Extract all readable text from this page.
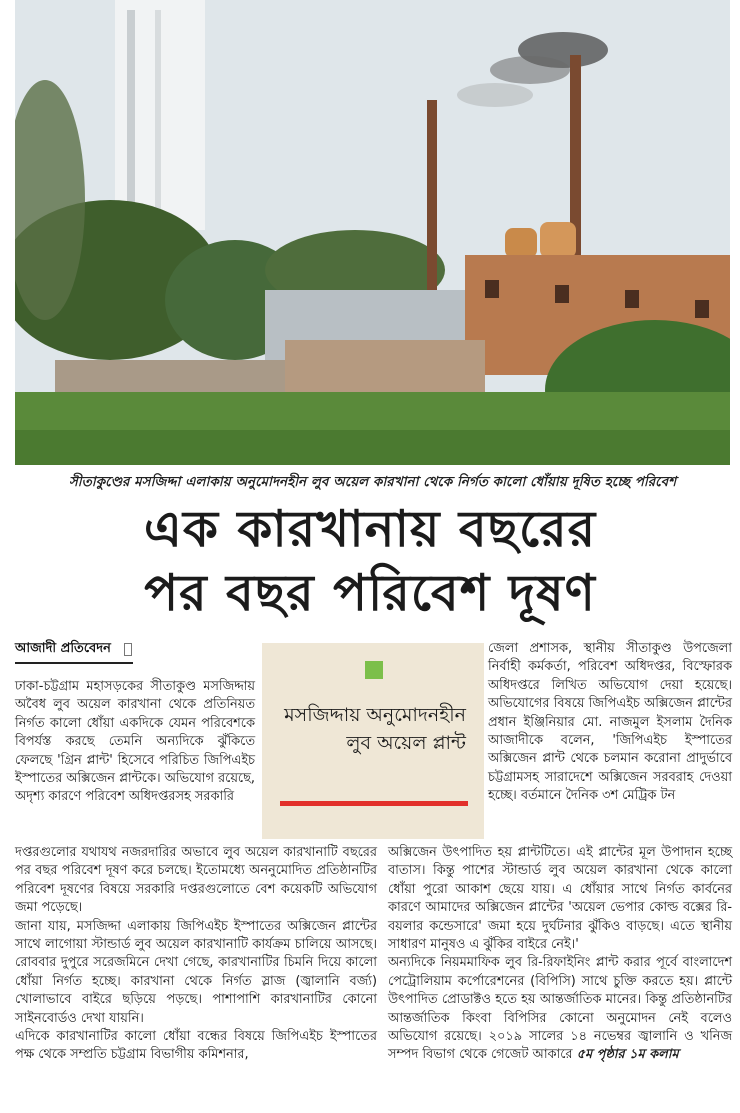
সীতাকুণ্ডের মসজিদ্দা এলাকায় অনুমোদনহীন লুব অয়েল কারখানা থেকে নির্গত কালো ধোঁয়ায় দূষিত হচ্ছে পরিবেশ
এক কারখানায় বছরের
পর বছর পরিবেশ দূষণ
আজাদী প্রতিবেদন

ঢাকা-চট্টগ্রাম মহাসড়কের সীতাকুণ্ড মসজিদ্দায় অবৈধ লুব অয়েল কারখানা থেকে প্রতিনিয়ত নির্গত কালো ধোঁয়া একদিকে যেমন পরিবেশকে বিপর্যস্ত করছে তেমনি অন্যদিকে ঝুঁকিতে ফেলছে 'গ্রিন প্লান্ট' হিসেবে পরিচিত জিপিএইচ ইস্পাতের অক্সিজেন প্লান্টকে। অভিযোগ রয়েছে, অদৃশ্য কারণে পরিবেশ অধিদপ্তরসহ সরকারি

মসজিদ্দায় অনুমোদনহীন লুব অয়েল প্লান্ট

জেলা প্রশাসক, স্থানীয় সীতাকুণ্ড উপজেলা নির্বাহী কর্মকর্তা, পরিবেশ অধিদপ্তর, বিস্ফোরক অধিদপ্তরে লিখিত অভিযোগ দেয়া হয়েছে। অভিযোগের বিষয়ে জিপিএইচ অক্সিজেন প্লান্টের প্রধান ইঞ্জিনিয়ার মো. নাজমুল ইসলাম দৈনিক আজাদীকে বলেন, 'জিপিএইচ ইস্পাতের অক্সিজেন প্লান্ট থেকে চলমান করোনা প্রাদুর্ভাবে চট্টগ্রামসহ সারাদেশে অক্সিজেন সরবরাহ দেওয়া হচ্ছে। বর্তমানে দৈনিক ৩শ মেট্রিক টন

দপ্তরগুলোর যথাযথ নজরদারির অভাবে লুব অয়েল কারখানাটি বছরের পর বছর পরিবেশ দূষণ করে চলছে। ইতোমধ্যে অননুমোদিত প্রতিষ্ঠানটির পরিবেশ দূষণের বিষয়ে সরকারি দপ্তরগুলোতে বেশ কয়েকটি অভিযোগ জমা পড়েছে।

জানা যায়, মসজিদ্দা এলাকায় জিপিএইচ ইস্পাতের অক্সিজেন প্লান্টের সাথে লাগোয়া স্টান্ডার্ড লুব অয়েল কারখানাটি কার্যক্রম চালিয়ে আসছে। রোববার দুপুরে সরেজমিনে দেখা গেছে, কারখানাটির চিমনি দিয়ে কালো ধোঁয়া নির্গত হচ্ছে। কারখানা থেকে নির্গত স্লাজ (জ্বালানি বর্জ্য) খোলাভাবে বাইরে ছড়িয়ে পড়ছে। পাশাপাশি কারখানাটির কোনো সাইনবোর্ডও দেখা যায়নি।

এদিকে কারখানাটির কালো ধোঁয়া বন্ধের বিষয়ে জিপিএইচ ইস্পাতের পক্ষ থেকে সম্প্রতি চট্টগ্রাম বিভাগীয় কমিশনার,

অক্সিজেন উৎপাদিত হয় প্লান্টটিতে। এই প্লান্টের মূল উপাদান হচ্ছে বাতাস। কিন্তু পাশের স্টান্ডার্ড লুব অয়েল কারখানা থেকে কালো ধোঁয়া পুরো আকাশ ছেয়ে যায়। এ ধোঁয়ার সাথে নির্গত কার্বনের কারণে আমাদের অক্সিজেন প্লান্টের 'অয়েল ভেপার কোল্ড বক্সের রি-বয়লার কন্ডেসারে' জমা হয়ে দুর্ঘটনার ঝুঁকিও বাড়ছে। এতে স্থানীয় সাধারণ মানুষও এ ঝুঁকির বাইরে নেই।'

অন্যদিকে নিয়মমাফিক লুব রি-রিফাইনিং প্লান্ট করার পূর্বে বাংলাদেশ পেট্রোলিয়াম কর্পোরেশনের (বিপিসি) সাথে চুক্তি করতে হয়। প্লান্টে উৎপাদিত প্রোডাক্টও হতে হয় আন্তর্জাতিক মানের। কিন্তু প্রতিষ্ঠানটির আন্তর্জাতিক কিংবা বিপিসির কোনো অনুমোদন নেই বলেও অভিযোগ রয়েছে। ২০১৯ সালের ১৪ নভেম্বর জ্বালানি ও খনিজ সম্পদ বিভাগ থেকে গেজেট আকারে ৫ম পৃষ্ঠার ১ম কলাম
